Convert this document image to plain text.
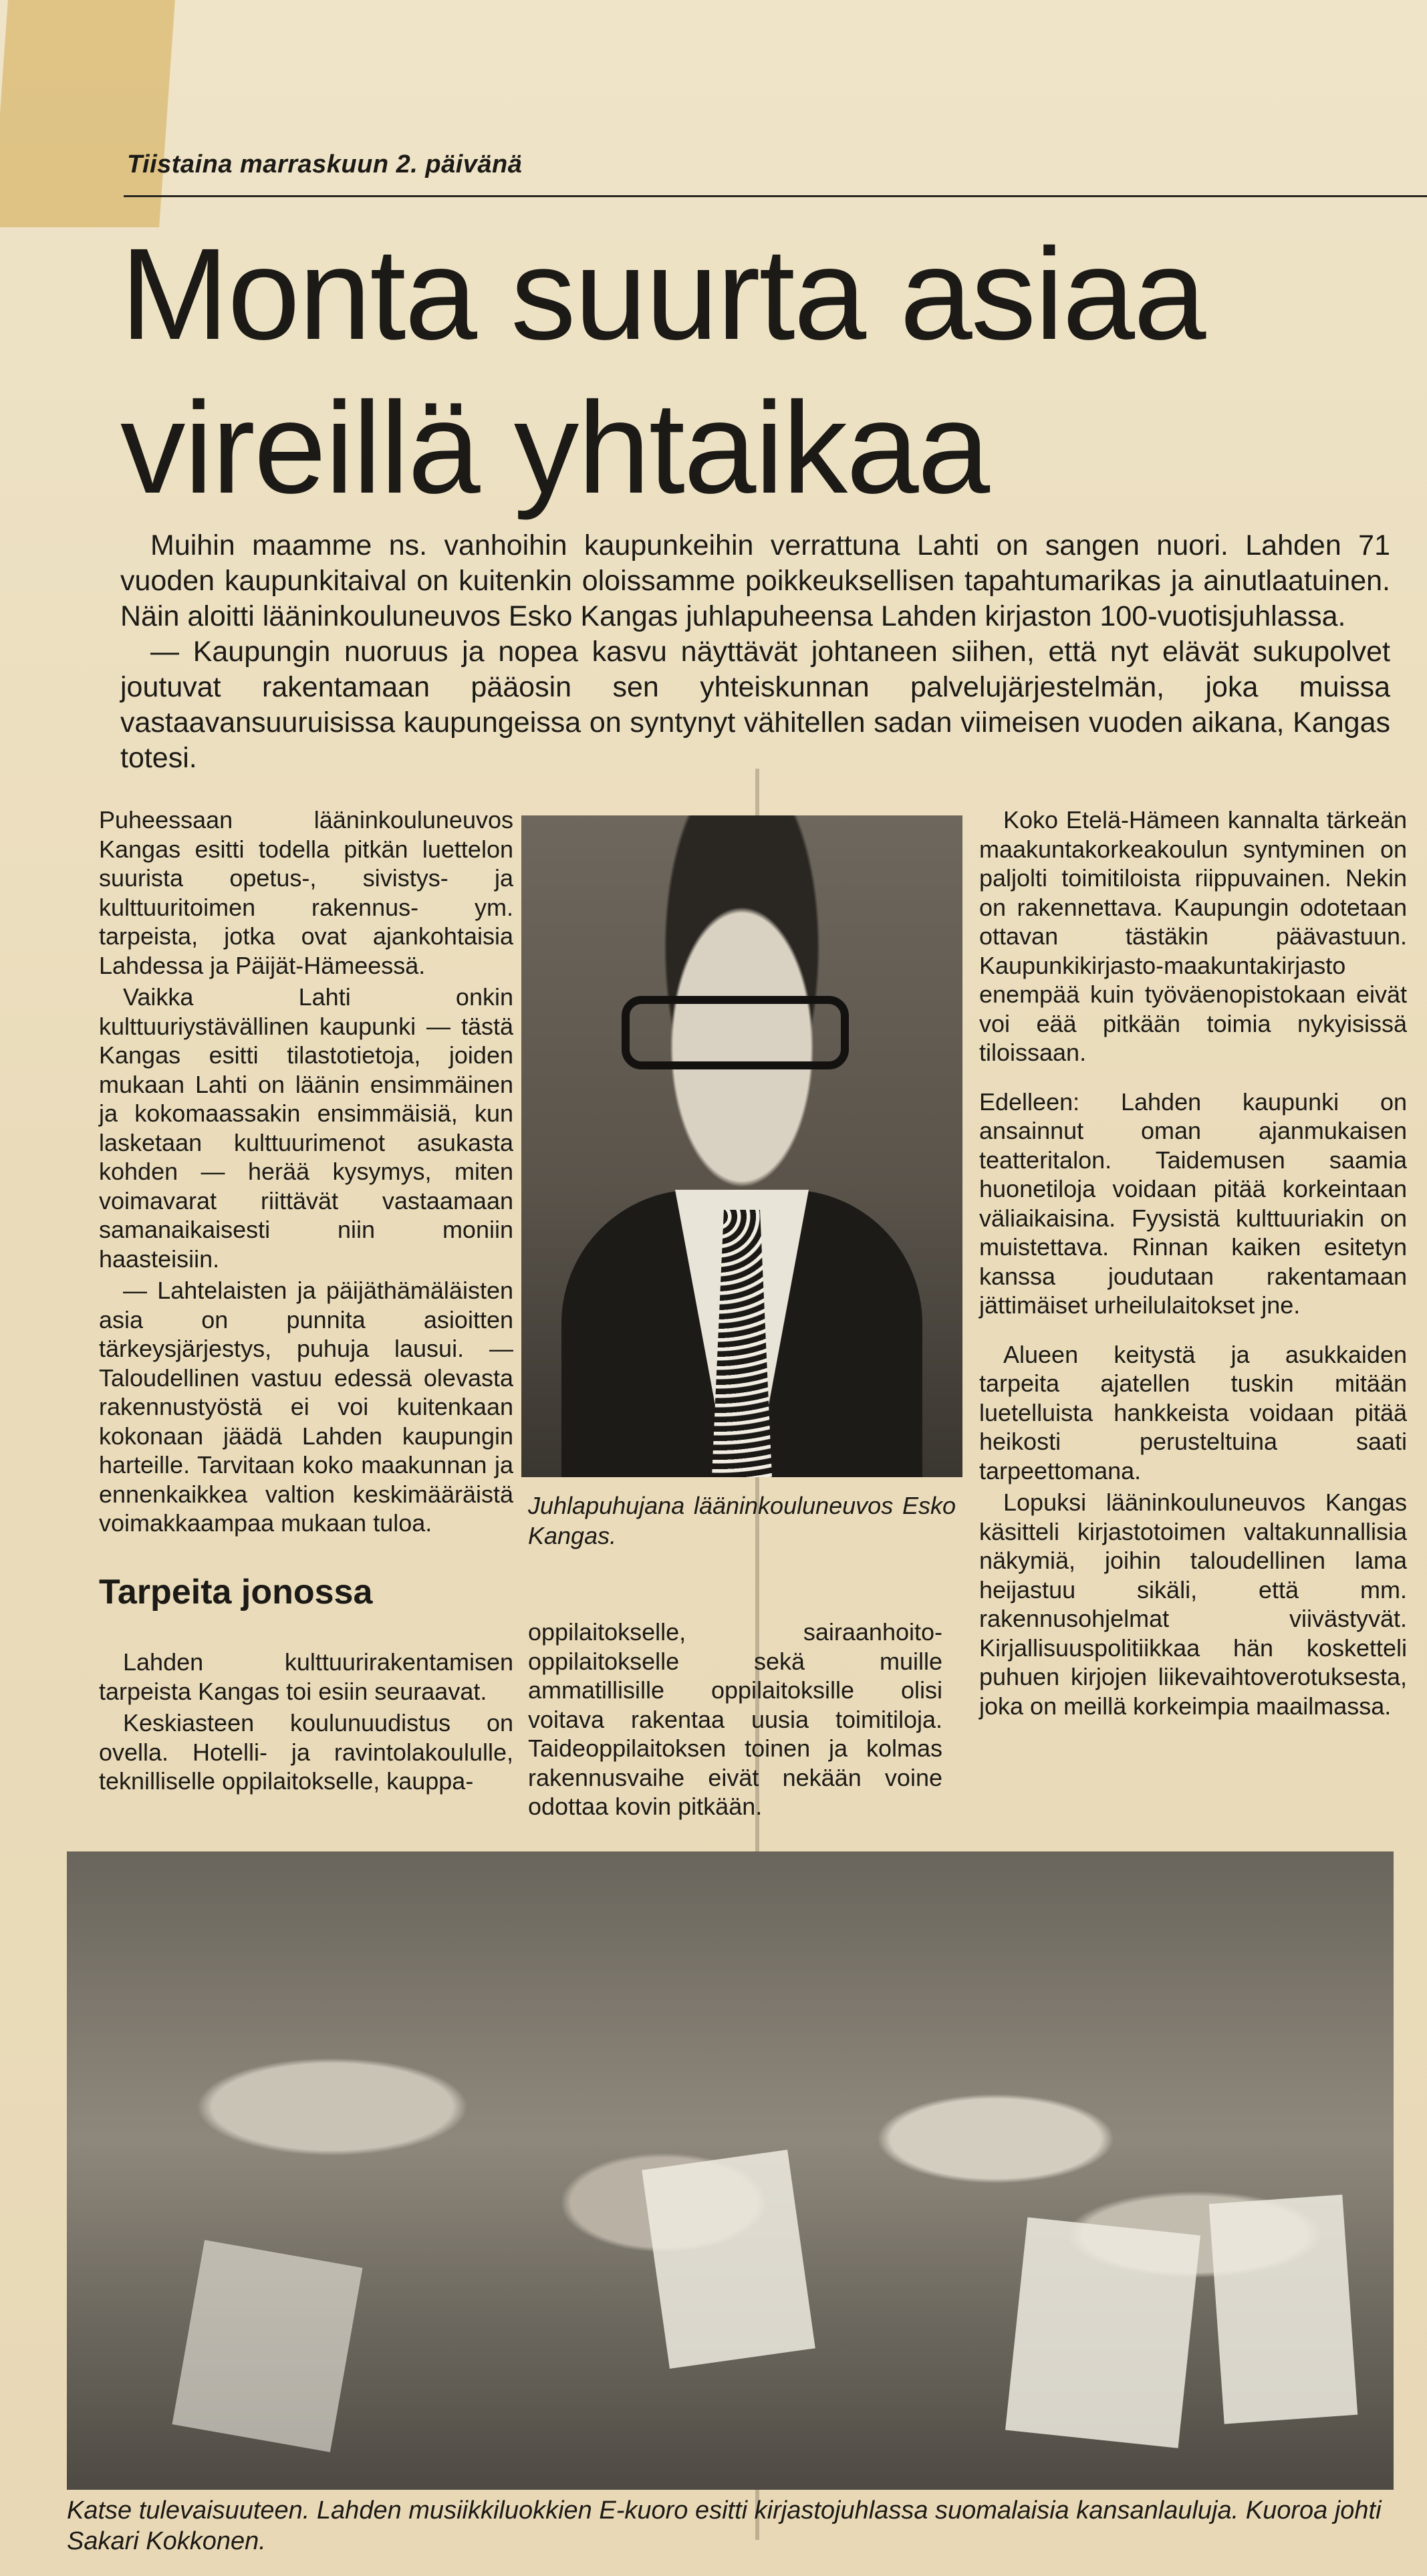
Tiistaina marraskuun 2. päivänä
Monta suurta asiaa
vireillä yhtaikaa

Muihin maamme ns. vanhoihin kaupunkeihin verrattuna Lahti on sangen nuori. Lahden 71 vuoden kaupunkitaival on kuitenkin oloissamme poikkeuksellisen tapahtumarikas ja ainutlaatuinen. Näin aloitti lääninkouluneuvos Esko Kangas juhlapuheensa Lahden kirjaston 100-vuotisjuhlassa.

— Kaupungin nuoruus ja nopea kasvu näyttävät johtaneen siihen, että nyt elävät sukupolvet joutuvat rakentamaan pääosin sen yhteiskunnan palvelujärjestelmän, joka muissa vastaavansuuruisissa kaupungeissa on syntynyt vähitellen sadan viimeisen vuoden aikana, Kangas totesi.

Puheessaan lääninkouluneuvos Kangas esitti todella pitkän luettelon suurista opetus-, sivistys- ja kulttuuritoimen rakennus- ym. tarpeista, jotka ovat ajankohtaisia Lahdessa ja Päijät-Hämeessä.

Vaikka Lahti onkin kulttuuriystävällinen kaupunki — tästä Kangas esitti tilastotietoja, joiden mukaan Lahti on läänin ensimmäinen ja kokomaassakin ensimmäisiä, kun lasketaan kulttuurimenot asukasta kohden — herää kysymys, miten voimavarat riittävät vastaamaan samanaikaisesti niin moniin haasteisiin.

— Lahtelaisten ja päijäthämäläisten asia on punnita asioitten tärkeysjärjestys, puhuja lausui. — Taloudellinen vastuu edessä olevasta rakennustyöstä ei voi kuitenkaan kokonaan jäädä Lahden kaupungin harteille. Tarvitaan koko maakunnan ja ennenkaikkea valtion keskimääräistä voimakkaampaa mukaan tuloa.

Tarpeita jonossa

Lahden kulttuurirakentamisen tarpeista Kangas toi esiin seuraavat.

Keskiasteen koulunuudistus on ovella. Hotelli- ja ravintolakoululle, teknilliselle oppilaitokselle, kauppa-

Juhlapuhujana lääninkouluneuvos Esko Kangas.

oppilaitokselle, sairaanhoito-oppilaitokselle sekä muille ammatillisille oppilaitoksille olisi voitava rakentaa uusia toimitiloja. Taideoppilaitoksen toinen ja kolmas rakennusvaihe eivät nekään voine odottaa kovin pitkään.

Koko Etelä-Hämeen kannalta tärkeän maakuntakorkeakoulun syntyminen on paljolti toimitiloista riippuvainen. Nekin on rakennettava. Kaupungin odotetaan ottavan tästäkin päävastuun. Kaupunkikirjasto-maakuntakirjasto enempää kuin työväenopistokaan eivät voi eää pitkään toimia nykyisissä tiloissaan.

Edelleen: Lahden kaupunki on ansainnut oman ajanmukaisen teatteritalon. Taidemusen saamia huonetiloja voidaan pitää korkeintaan väliaikaisina. Fyysistä kulttuuriakin on muistettava. Rinnan kaiken esitetyn kanssa joudutaan rakentamaan jättimäiset urheilulaitokset jne.

Alueen keitystä ja asukkaiden tarpeita ajatellen tuskin mitään luetelluista hankkeista voidaan pitää heikosti perusteltuina saati tarpeettomana.

Lopuksi lääninkouluneuvos Kangas käsitteli kirjastotoimen valtakunnallisia näkymiä, joihin taloudellinen lama heijastuu sikäli, että mm. rakennusohjelmat viivästyvät. Kirjallisuuspolitiikkaa hän kosketteli puhuen kirjojen liikevaihtoverotuksesta, joka on meillä korkeimpia maailmassa.

Katse tulevaisuuteen. Lahden musiikkiluokkien E-kuoro esitti kirjastojuhlassa suomalaisia kansanlauluja. Kuoroa johti Sakari Kokkonen.
